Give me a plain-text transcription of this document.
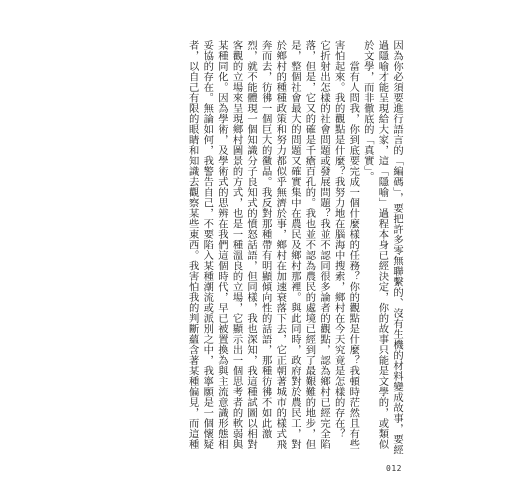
因為你必須要進行語言的「編碼」，要把許多零無聯繫的、沒有生機的材料變成故事，要經
過隱喻才能呈現給大家，這「隱喻」過程本身已經決定，你的故事只能是文學的，或類似
於文學，而非徹底的「真實」。
　　當有人問我，你到底要完成一個什麼樣的任務？你的觀點是什麼？我頓時茫然且有些
害怕起來。我的觀點是什麼？我努力地在腦海中搜索，鄉村在今天究竟是怎樣的存在？
它折射出怎樣的社會問題或發展問題？我並不認同很多論者的觀點，認為鄉村已經完全陷
落，但是，它又的確是千瘡百孔的。我也並不認為農民的處境已經到了最艱難的地步，但
是，整個社會最大的問題又確實集中在農民及鄉村那裡。與此同時，政府對於農民工，對
於鄉村的種種政策和努力都似乎無濟於事，鄉村在加速衰落下去，它正朝著城市的樣式飛
奔而去，彷彿一個巨大的黴晶。我反對那種帶有明顯傾向性的話語，那種彷彿不如此激
烈，就不能體現一個知識分子良知式的憤怒話語，但同樣，我也深知，我這種試圖以相對
客觀的立場來呈現鄉村圖景的方式，也是一種溫良的立場，它顯示出一個思考者的軟弱與
某種同化。因為學術，及學術式的思辨在我們這個時代，早已被置換為與主流意識形態相
妥協的存在。無論如何，我警告自己，不要陷入某種潮流或派別之中，我寧願是一個懷疑
者，以自己有限的眼睛和知識去觀察某些東西。我害怕我的判斷蘊含著某種偏見，而這種
012
